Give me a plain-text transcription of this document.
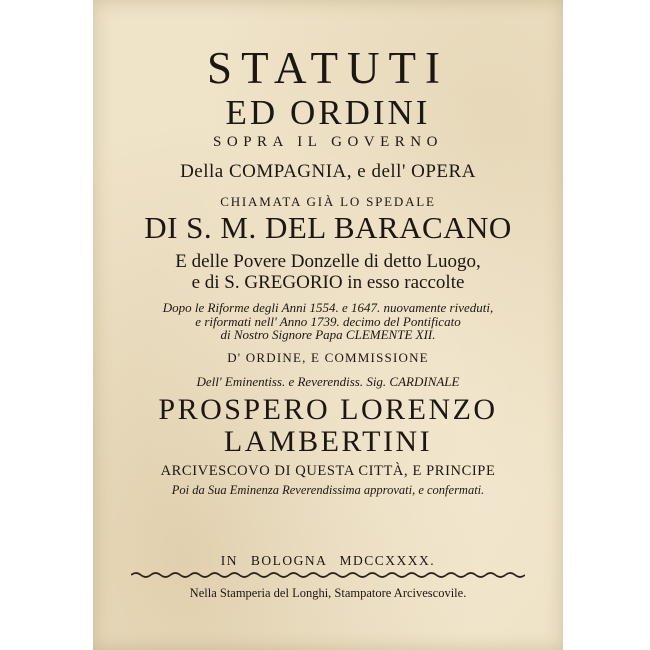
STATUTI
ED ORDINI
SOPRA IL GOVERNO
Della COMPAGNIA, e dell' OPERA
CHIAMATA GIÀ LO SPEDALE
DI S. M. DEL BARACANO
E delle Povere Donzelle di detto Luogo,
e di S. GREGORIO in esso raccolte
Dopo le Riforme degli Anni 1554. e 1647. nuovamente riveduti,
e riformati nell' Anno 1739. decimo del Pontificato
di Nostro Signore Papa CLEMENTE XII.
D' ORDINE, E COMMISSIONE
Dell' Eminentiss. e Reverendiss. Sig. CARDINALE
PROSPERO LORENZO
LAMBERTINI
ARCIVESCOVO DI QUESTA CITTÀ, E PRINCIPE
Poi da Sua Eminenza Reverendissima approvati, e confermati.
IN BOLOGNA MDCCXXXX.
Nella Stamperia del Longhi, Stampatore Arcivescovile.
